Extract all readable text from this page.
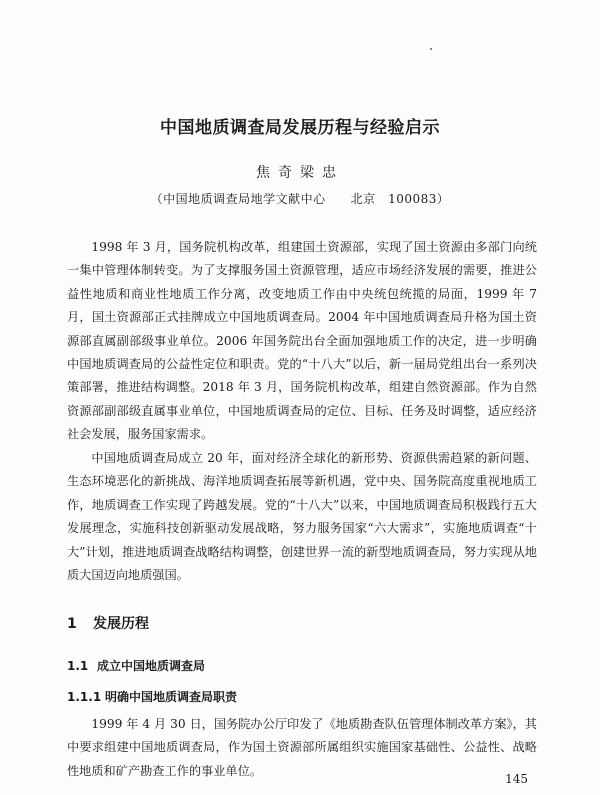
中国地质调查局发展历程与经验启示
焦奇梁忠
（中国地质调查局地学文献中心　　北京　100083）

1998 年 3 月，国务院机构改革，组建国土资源部，实现了国土资源由多部门向统一集中管理体制转变。为了支撑服务国土资源管理，适应市场经济发展的需要，推进公益性地质和商业性地质工作分离，改变地质工作由中央统包统揽的局面，1999 年 7 月，国土资源部正式挂牌成立中国地质调查局。2004 年中国地质调查局升格为国土资源部直属副部级事业单位。2006 年国务院出台全面加强地质工作的决定，进一步明确中国地质调查局的公益性定位和职责。党的“十八大”以后，新一届局党组出台一系列决策部署，推进结构调整。2018 年 3 月，国务院机构改革，组建自然资源部。作为自然资源部副部级直属事业单位，中国地质调查局的定位、目标、任务及时调整，适应经济社会发展，服务国家需求。

中国地质调查局成立 20 年，面对经济全球化的新形势、资源供需趋紧的新问题、生态环境恶化的新挑战、海洋地质调查拓展等新机遇，党中央、国务院高度重视地质工作，地质调查工作实现了跨越发展。党的“十八大”以来，中国地质调查局积极践行五大发展理念，实施科技创新驱动发展战略，努力服务国家“六大需求”，实施地质调查“十大”计划，推进地质调查战略结构调整，创建世界一流的新型地质调查局，努力实现从地质大国迈向地质强国。

1 发展历程
1.1 成立中国地质调查局
1.1.1 明确中国地质调查局职责

1999 年 4 月 30 日，国务院办公厅印发了《地质勘查队伍管理体制改革方案》，其中要求组建中国地质调查局，作为国土资源部所属组织实施国家基础性、公益性、战略性地质和矿产勘查工作的事业单位。

145
